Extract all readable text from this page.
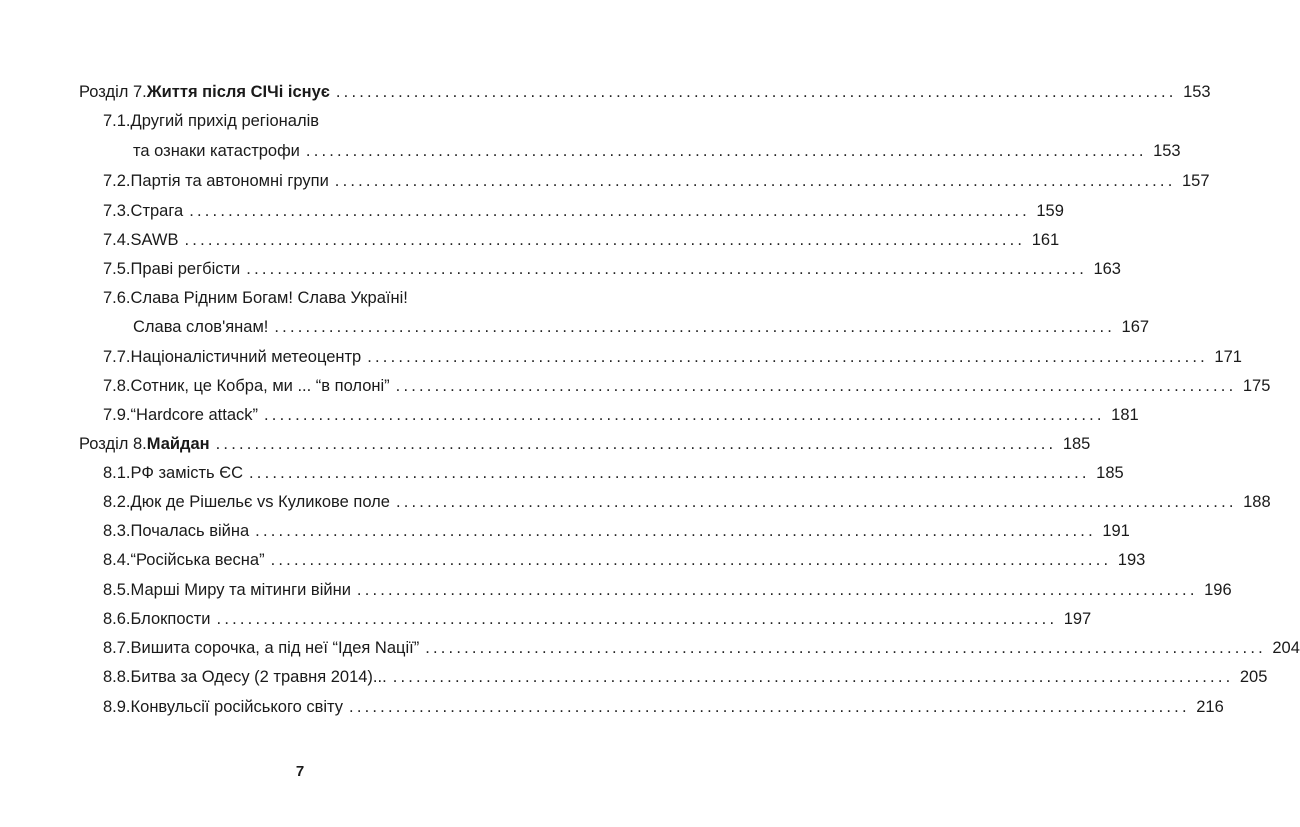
Розділ 7. Життя після СІЧі існує ............................................................................................................ 153
7.1. Другий прихід регіоналів
та ознаки катастрофи ............................................................................................................ 153
7.2. Партія та автономні групи ............................................................................................................ 157
7.3. Страга ............................................................................................................ 159
7.4. SAWB ............................................................................................................ 161
7.5. Праві регбісти ............................................................................................................ 163
7.6. Слава Рідним Богам! Слава Україні!
Слава слов'янам! ............................................................................................................ 167
7.7. Націоналістичний метеоцентр ............................................................................................................ 171
7.8. Сотник, це Кобра, ми ... “в полоні” ............................................................................................................ 175
7.9. “Hardcore attack” ............................................................................................................ 181
Розділ 8. Майдан ............................................................................................................ 185
8.1. РФ замість ЄС ............................................................................................................ 185
8.2. Дюк де Рішельє vs Куликове поле ............................................................................................................ 188
8.3. Почалась війна ............................................................................................................ 191
8.4. “Російська весна” ............................................................................................................ 193
8.5. Марші Миру та мітинги війни ............................................................................................................ 196
8.6. Блокпости ............................................................................................................ 197
8.7. Вишита сорочка, а під неї “Ідея Nації” ............................................................................................................ 204
8.8. Битва за Одесу (2 травня 2014)... ............................................................................................................ 205
8.9. Конвульсії російського світу ............................................................................................................ 216
7
